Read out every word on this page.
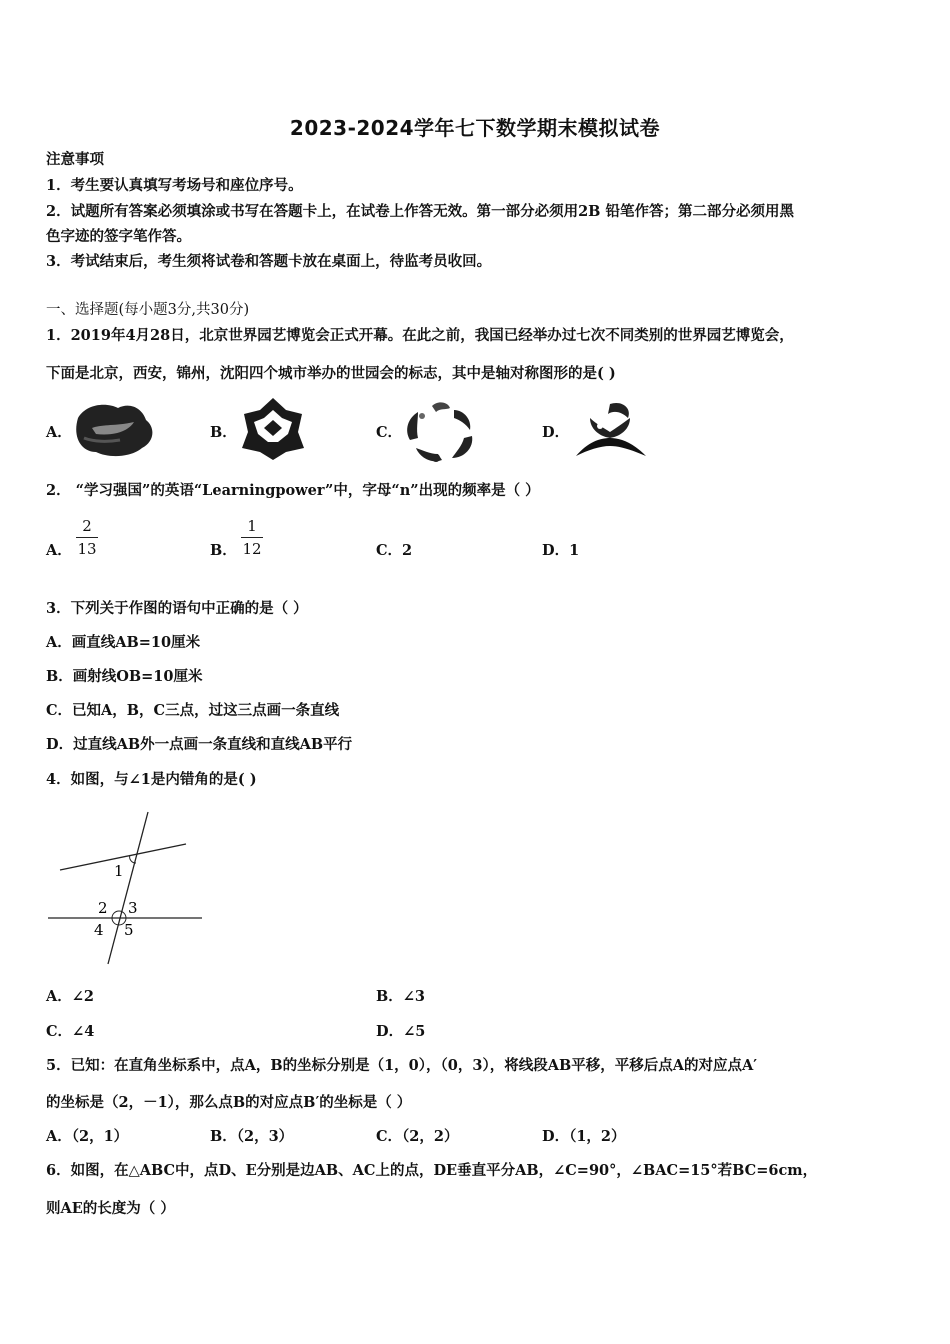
2023-2024学年七下数学期末模拟试卷
注意事项
1．考生要认真填写考场号和座位序号。
2．试题所有答案必须填涂或书写在答题卡上，在试卷上作答无效。第一部分必须用2B 铅笔作答；第二部分必须用黑
色字迹的签字笔作答。
3．考试结束后，考生须将试卷和答题卡放在桌面上，待监考员收回。
一、选择题(每小题3分,共30分)
1．2019年4月28日，北京世界园艺博览会正式开幕。在此之前，我国已经举办过七次不同类别的世界园艺博览会，
下面是北京，西安，锦州，沈阳四个城市举办的世园会的标志，其中是轴对称图形的是( )
A．	B．	C．	D．
2． “学习强国”的英语“Learningpower”中，字母“n”出现的频率是（ ）
A． $\frac{2}{13}$	B． $\frac{1}{12}$	C．2	D．1
3．下列关于作图的语句中正确的是（ ）
A．画直线AB=10厘米
B．画射线OB=10厘米
C．已知A，B，C三点，过这三点画一条直线
D．过直线AB外一点画一条直线和直线AB平行
4．如图，与∠1是内错角的是( )
1
2 3
4 5
A．∠2	B．∠3
C．∠4	D．∠5
5．已知：在直角坐标系中，点A，B的坐标分别是（1，0），（0，3），将线段AB平移，平移后点A的对应点A′
的坐标是（2，－1），那么点B的对应点B′的坐标是（ ）
A．（2，1）	B．（2，3）	C．（2，2）	D．（1，2）
6．如图，在△ABC中，点D、E分别是边AB、AC上的点，DE垂直平分AB，∠C=90°，∠BAC=15°若BC=6cm，
则AE的长度为（ ）
